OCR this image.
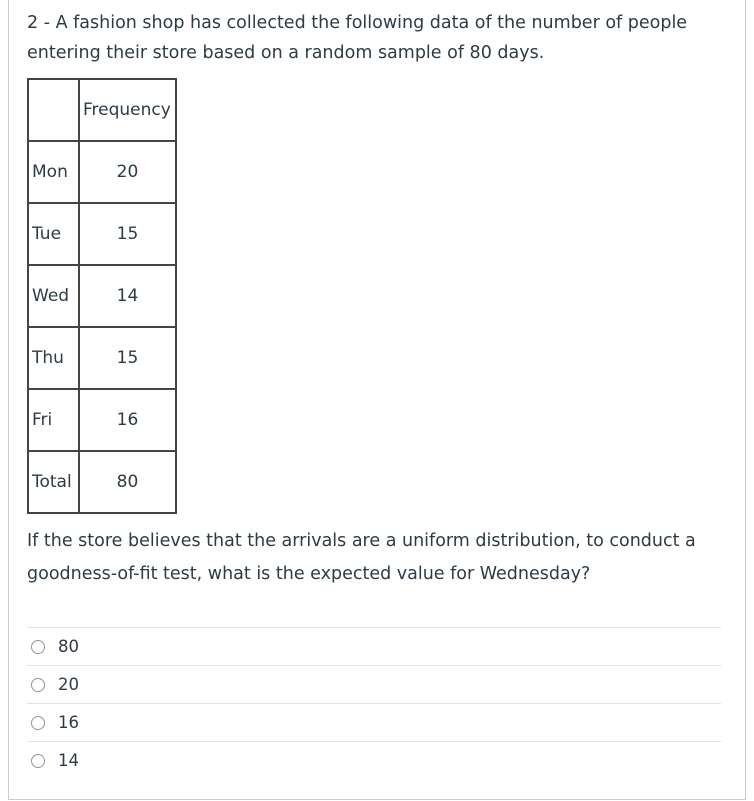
2 - A fashion shop has collected the following data of the number of people entering their store based on a random sample of 80 days.

	Frequency
Mon	20
Tue	15
Wed	14
Thu	15
Fri	16
Total	80

If the store believes that the arrivals are a uniform distribution, to conduct a goodness-of-fit test, what is the expected value for Wednesday?

80
20
16
14
